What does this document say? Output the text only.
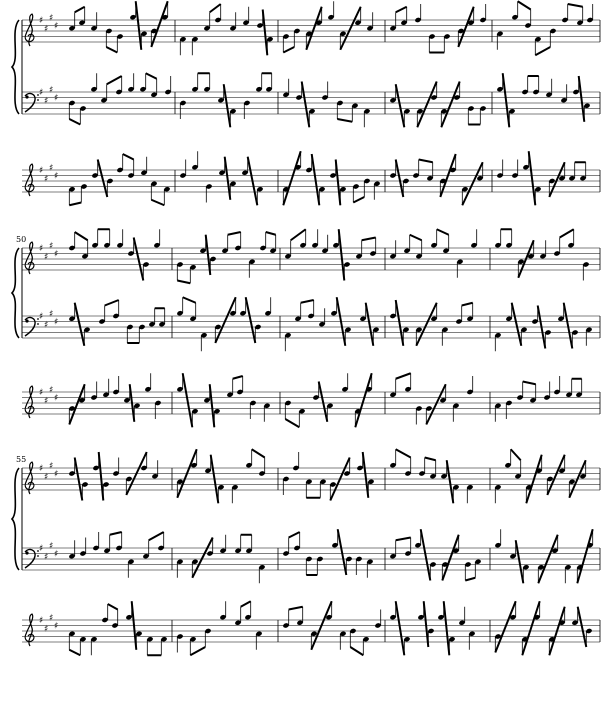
♯
♯
♯
♯
♯
♯
♯
♯
♯
♯
♯
♯
♯
♯
♯
♯
♯
♯
♯
♯
♯
♯
♯
♯
50
♯
♯
♯
♯
♯
♯
♯
♯
♯
♯
♯
♯
55
